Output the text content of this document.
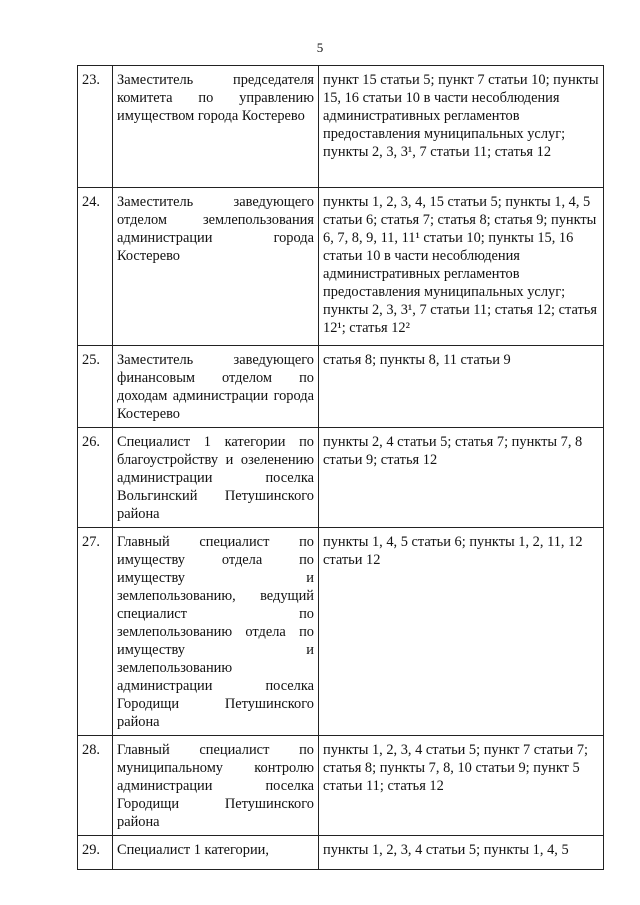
5
23.	Заместитель председателя комитета по управлению имуществом города Костерево	пункт 15 статьи 5; пункт 7 статьи 10; пункты 15, 16 статьи 10 в части несоблюдения административных регламентов предоставления муниципальных услуг; пункты 2, 3, 3¹, 7 статьи 11; статья 12
24.	Заместитель заведующего отделом землепользования администрации города Костерево	пункты 1, 2, 3, 4, 15 статьи 5; пункты 1, 4, 5 статьи 6; статья 7; статья 8; статья 9; пункты 6, 7, 8, 9, 11, 11¹ статьи 10; пункты 15, 16 статьи 10 в части несоблюдения административных регламентов предоставления муниципальных услуг; пункты 2, 3, 3¹, 7 статьи 11; статья 12; статья 12¹; статья 12²
25.	Заместитель заведующего финансовым отделом по доходам администрации города Костерево	статья 8; пункты 8, 11 статьи 9
26.	Специалист 1 категории по благоустройству и озеленению администрации поселка Вольгинский Петушинского района	пункты 2, 4 статьи 5; статья 7; пункты 7, 8 статьи 9; статья 12
27.	Главный специалист по имуществу отдела по имуществу и землепользованию, ведущий специалист по землепользованию отдела по имуществу и землепользованию администрации поселка Городищи Петушинского района	пункты 1, 4, 5 статьи 6; пункты 1, 2, 11, 12 статьи 12
28.	Главный специалист по муниципальному контролю администрации поселка Городищи Петушинского района	пункты 1, 2, 3, 4 статьи 5; пункт 7 статьи 7; статья 8; пункты 7, 8, 10 статьи 9; пункт 5 статьи 11; статья 12
29.	Специалист 1 категории,	пункты 1, 2, 3, 4 статьи 5; пункты 1, 4, 5
